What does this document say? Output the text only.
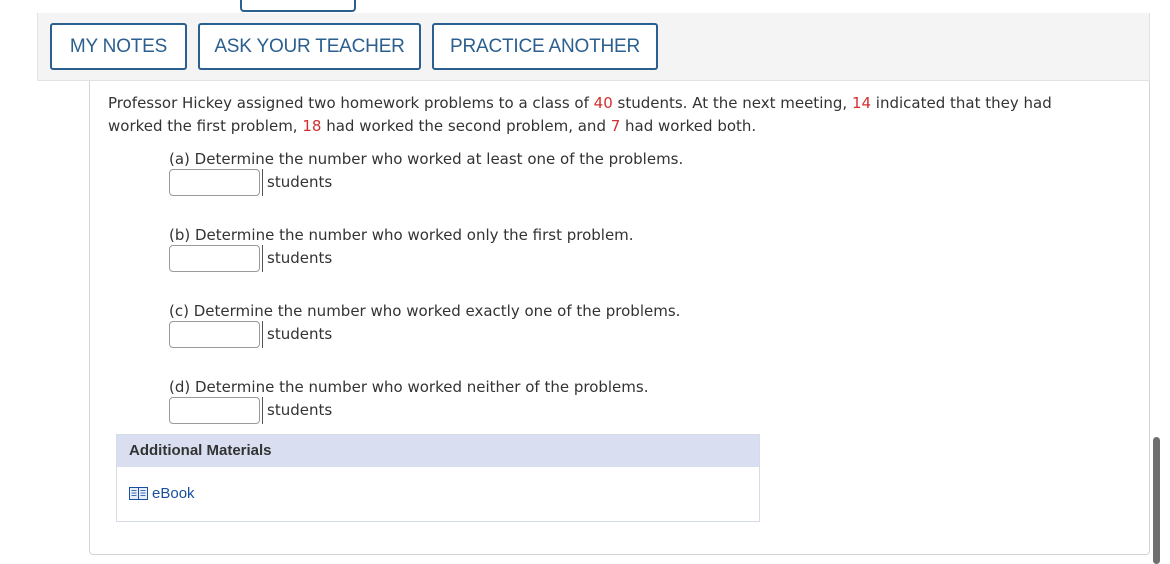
MY NOTES	ASK YOUR TEACHER	PRACTICE ANOTHER
Professor Hickey assigned two homework problems to a class of 40 students. At the next meeting, 14 indicated that they had worked the first problem, 18 had worked the second problem, and 7 had worked both.
(a) Determine the number who worked at least one of the problems.
students
(b) Determine the number who worked only the first problem.
students
(c) Determine the number who worked exactly one of the problems.
students
(d) Determine the number who worked neither of the problems.
students
Additional Materials
eBook
